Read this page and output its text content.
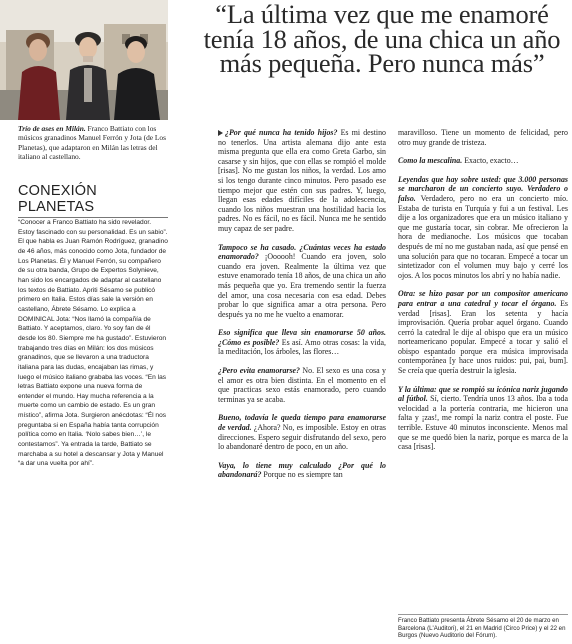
Trío de ases en Milán. Franco Battiato con los músicos granadinos Manuel Ferrón y Jota (de Los Planetas), que adaptaron en Milán las letras del italiano al castellano.
“La última vez que me enamoré tenía 18 años, de una chica un año más pequeña. Pero nunca más”
CONEXIÓN
PLANETAS

“Conocer a Franco Battiato ha sido revelador. Estoy fascinado con su personalidad. Es un sabio”. El que habla es Juan Ramón Rodríguez, granadino de 46 años, más conocido como Jota, fundador de Los Planetas. Él y Manuel Ferrón, su compañero de su otra banda, Grupo de Expertos Solynieve, han sido los encargados de adaptar al castellano los textos de Battiato. Apriti Sésamo se publicó primero en Italia. Estos días sale la versión en castellano, Ábrete Sésamo. Lo explica a DOMINICAL Jota: “Nos llamó la compañía de Battiato. Y aceptamos, claro. Yo soy fan de él desde los 80. Siempre me ha gustado”. Estuvieron trabajando tres días en Milán: los dos músicos granadinos, que se llevaron a una traductora italiana para las dudas, encajaban las rimas, y luego el músico italiano grababa las voces. “En las letras Battiato expone una nueva forma de entender el mundo. Hay mucha referencia a la muerte como un cambio de estado. Es un gran místico”, afirma Jota. Surgieron anécdotas: “Él nos preguntaba si en España había tanta corrupción política como en Italia. ‘Nolo sabes bien…’, le contestamos”. Ya entrada la tarde, Battiato se marchaba a su hotel a descansar y Jota y Manuel “a dar una vuelta por ahí”.

¿Por qué nunca ha tenido hijos? Es mi destino no tenerlos. Una artista alemana dijo ante esta misma pregunta que ella era como Greta Garbo, sin casarse y sin hijos, que con ellas se rompió el molde [risas]. No me gustan los niños, la verdad. Los amo si los tengo durante cinco minutos. Pero pasado ese tiempo mejor que estén con sus padres. Y, luego, llegan esas edades difíciles de la adolescencia, cuando los niños muestran una hostilidad hacia los padres. No es fácil, no es fácil. Nunca me he sentido muy capaz de ser padre.

Tampoco se ha casado. ¿Cuántas veces ha estado enamorado? ¡Oooooh! Cuando era joven, solo cuando era joven. Realmente la última vez que estuve enamorado tenía 18 años, de una chica un año más pequeña que yo. Era tremendo sentir la fuerza del amor, una cosa necesaria con esa edad. Debes probar lo que significa amar a otra persona. Pero después ya no me he vuelto a enamorar.

Eso significa que lleva sin enamorarse 50 años. ¿Cómo es posible? Es así. Amo otras cosas: la vida, la meditación, los árboles, las flores…

¿Pero evita enamorarse? No. El sexo es una cosa y el amor es otra bien distinta. En el momento en el que practicas sexo estás enamorado, pero cuando terminas ya se acaba.

Bueno, todavía le queda tiempo para enamorarse de verdad. ¿Ahora? No, es imposible. Estoy en otras direcciones. Espero seguir disfrutando del sexo, pero lo abandonaré dentro de poco, en un año.

Vaya, lo tiene muy calculado ¿Por qué lo abandonará? Porque no es siempre tan

maravilloso. Tiene un momento de felicidad, pero otro muy grande de tristeza.

Como la mescalina. Exacto, exacto…

Leyendas que hay sobre usted: que 3.000 personas se marcharon de un concierto suyo. Verdadero o falso. Verdadero, pero no era un concierto mío. Estaba de turista en Turquía y fui a un festival. Les dije a los organizadores que era un músico italiano y que me gustaría tocar, sin cobrar. Me ofrecieron la hora de medianoche. Los músicos que tocaban después de mí no me gustaban nada, así que pensé en una solución para que no tocaran. Empecé a tocar un sintetizador con el volumen muy bajo y cerré los ojos. A los pocos minutos los abrí y no había nadie.

Otra: se hizo pasar por un compositor americano para entrar a una catedral y tocar el órgano. Es verdad [risas]. Eran los setenta y hacía improvisación. Quería probar aquel órgano. Cuando cerró la catedral le dije al obispo que era un músico norteamericano popular. Empecé a tocar y salió el obispo espantado porque era música improvisada contemporánea [y hace unos ruidos: pui, pai, bum]. Se creía que quería destruir la iglesia.

Y la última: que se rompió su icónica nariz jugando al fútbol. Sí, cierto. Tendría unos 13 años. Iba a toda velocidad a la portería contraria, me hicieron una falta y ¡zas!, me rompí la nariz contra el poste. Fue terrible. Estuve 40 minutos inconsciente. Menos mal que se me quedó bien la nariz, porque es marca de la casa [risas].

Franco Battiato presenta Ábrete Sésamo el 20 de marzo en Barcelona (L'Auditori), el 21 en Madrid (Circo Price) y el 22 en Burgos (Nuevo Auditorio del Fórum).
